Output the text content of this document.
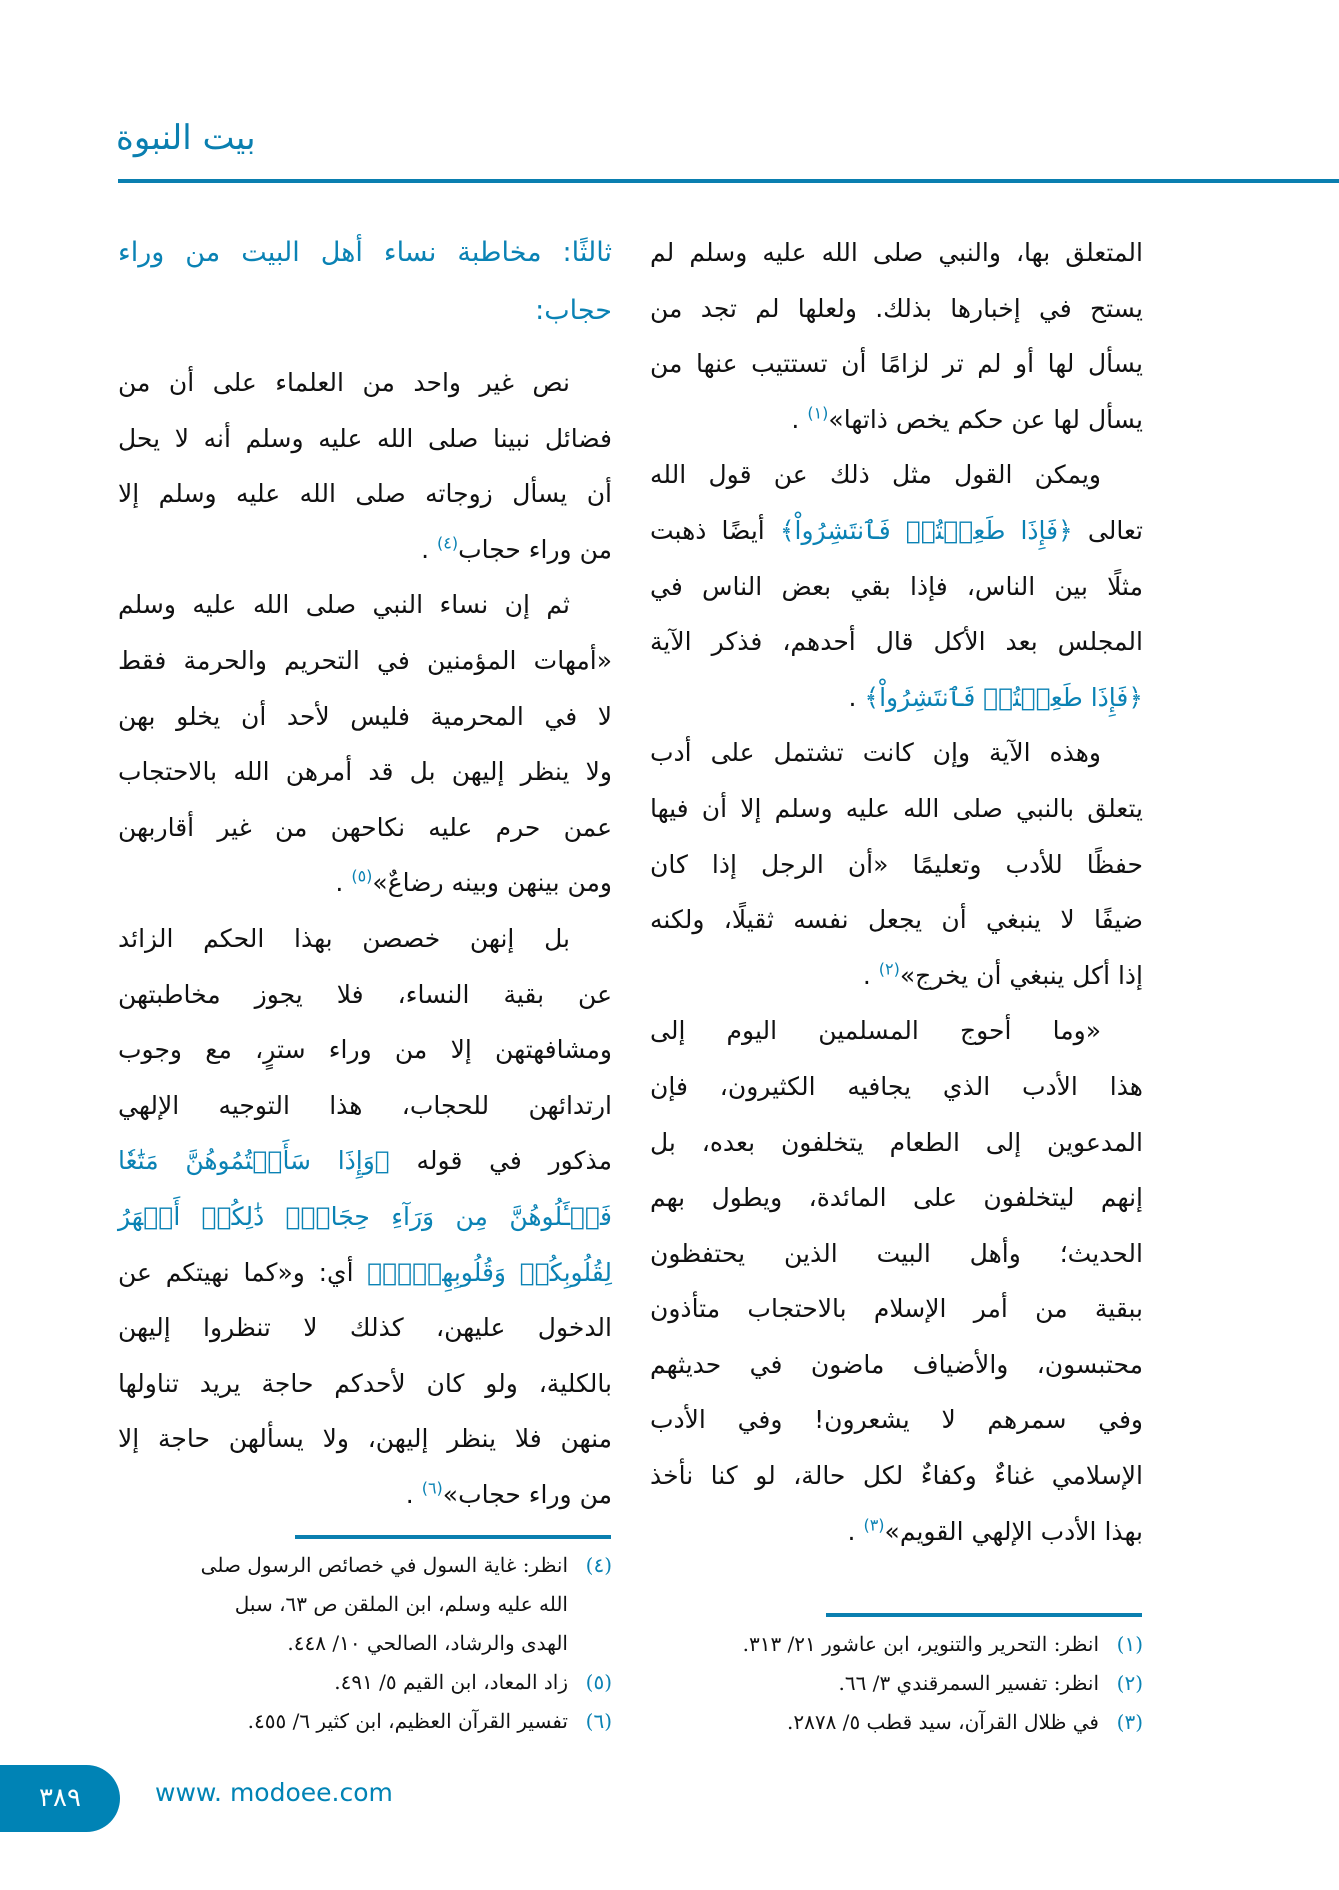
بيت النبوة
المتعلق بها، والنبي صلى الله عليه وسلم لم
يستح في إخبارها بذلك. ولعلها لم تجد من
يسأل لها أو لم تر لزامًا أن تستتيب عنها من
يسأل لها عن حكم يخص ذاتها»$^{(١)}$ .
ويمكن القول مثل ذلك عن قول الله
تعالى ﴿فَإِذَا طَعِمۡتُمۡ فَٱنتَشِرُواْ﴾ أيضًا ذهبت
مثلًا بين الناس، فإذا بقي بعض الناس في
المجلس بعد الأكل قال أحدهم، فذكر الآية
﴿فَإِذَا طَعِمۡتُمۡ فَٱنتَشِرُواْ﴾ .
وهذه الآية وإن كانت تشتمل على أدب
يتعلق بالنبي صلى الله عليه وسلم إلا أن فيها
حفظًا للأدب وتعليمًا «أن الرجل إذا كان
ضيفًا لا ينبغي أن يجعل نفسه ثقيلًا، ولكنه
إذا أكل ينبغي أن يخرج»$^{(٢)}$ .
«وما أحوج المسلمين اليوم إلى
هذا الأدب الذي يجافيه الكثيرون، فإن
المدعوين إلى الطعام يتخلفون بعده، بل
إنهم ليتخلفون على المائدة، ويطول بهم
الحديث؛ وأهل البيت الذين يحتفظون
ببقية من أمر الإسلام بالاحتجاب متأذون
محتبسون، والأضياف ماضون في حديثهم
وفي سمرهم لا يشعرون! وفي الأدب
الإسلامي غناءٌ وكفاءٌ لكل حالة، لو كنا نأخذ
بهذا الأدب الإلهي القويم»$^{(٣)}$ .
ثالثًا: مخاطبة نساء أهل البيت من وراء
حجاب:
نص غير واحد من العلماء على أن من
فضائل نبينا صلى الله عليه وسلم أنه لا يحل
أن يسأل زوجاته صلى الله عليه وسلم إلا
من وراء حجاب$^{(٤)}$ .
ثم إن نساء النبي صلى الله عليه وسلم
«أمهات المؤمنين في التحريم والحرمة فقط
لا في المحرمية فليس لأحد أن يخلو بهن
ولا ينظر إليهن بل قد أمرهن الله بالاحتجاب
عمن حرم عليه نكاحهن من غير أقاربهن
ومن بينهن وبينه رضاعٌ»$^{(٥)}$ .
بل إنهن خصصن بهذا الحكم الزائد
عن بقية النساء، فلا يجوز مخاطبتهن
ومشافهتهن إلا من وراء سترٍ، مع وجوب
ارتدائهن للحجاب، هذا التوجيه الإلهي
مذكور في قوله ﴿وَإِذَا سَأَلۡتُمُوهُنَّ مَتَٰعٗا
فَسۡـَٔلُوهُنَّ مِن وَرَآءِ حِجَابٖۚ ذَٰلِكُمۡ أَطۡهَرُ
لِقُلُوبِكُمۡ وَقُلُوبِهِنَّۚ﴾ أي: و«كما نهيتكم عن
الدخول عليهن، كذلك لا تنظروا إليهن
بالكلية، ولو كان لأحدكم حاجة يريد تناولها
منهن فلا ينظر إليهن، ولا يسألهن حاجة إلا
من وراء حجاب»$^{(٦)}$ .
(٤)انظر: غاية السول في خصائص الرسول صلى
الله عليه وسلم، ابن الملقن ص ٦٣، سبل
الهدى والرشاد، الصالحي ١٠/ ٤٤٨.
(٥)زاد المعاد، ابن القيم ٥/ ٤٩١.
(٦)تفسير القرآن العظيم، ابن كثير ٦/ ٤٥٥.
(١)انظر: التحرير والتنوير، ابن عاشور ٢١/ ٣١٣.
(٢)انظر: تفسير السمرقندي ٣/ ٦٦.
(٣)في ظلال القرآن، سيد قطب ٥/ ٢٨٧٨.
٣٨٩	www. modoee.com
